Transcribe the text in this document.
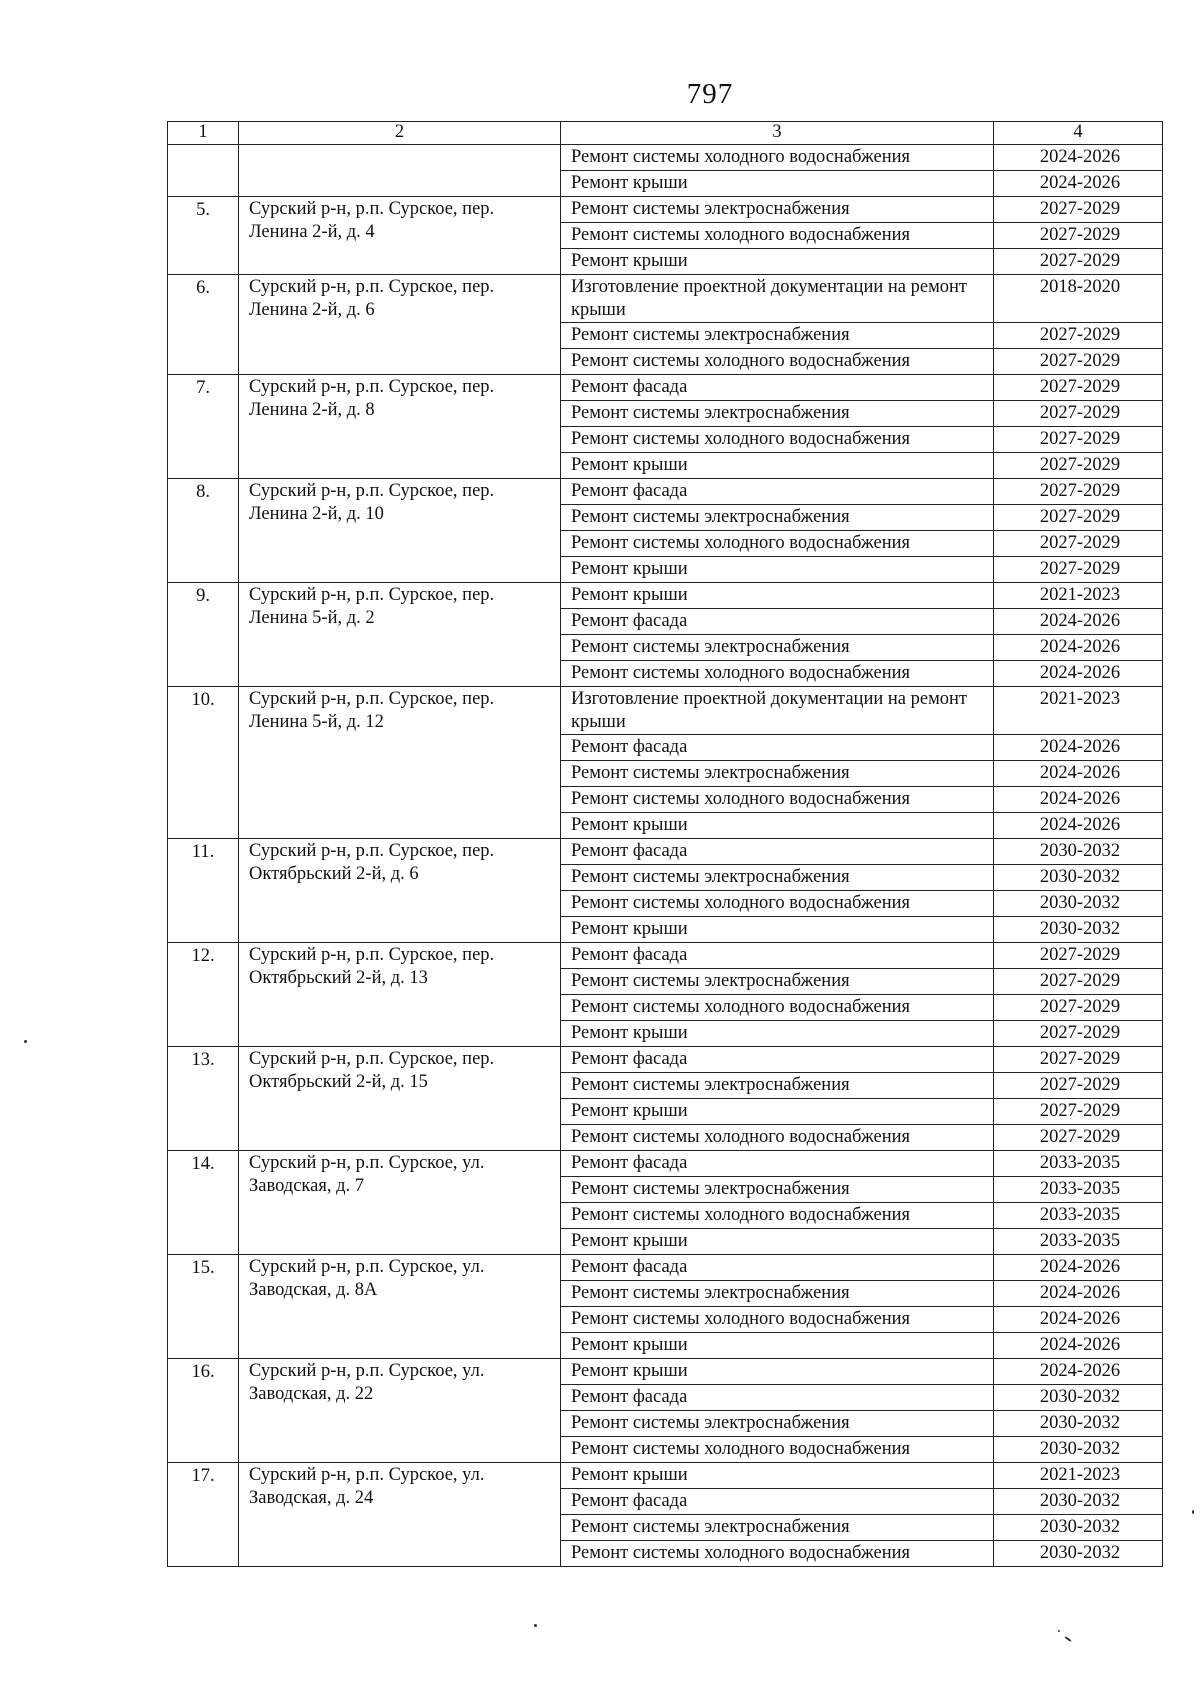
797
1	2	3	4
		Ремонт системы холодного водоснабжения	2024-2026
		Ремонт крыши	2024-2026
5.	Сурский р-н, р.п. Сурское, пер. Ленина 2-й, д. 4	Ремонт системы электроснабжения	2027-2029
		Ремонт системы холодного водоснабжения	2027-2029
		Ремонт крыши	2027-2029
6.	Сурский р-н, р.п. Сурское, пер. Ленина 2-й, д. 6	Изготовление проектной документации на ремонт крыши	2018-2020
		Ремонт системы электроснабжения	2027-2029
		Ремонт системы холодного водоснабжения	2027-2029
7.	Сурский р-н, р.п. Сурское, пер. Ленина 2-й, д. 8	Ремонт фасада	2027-2029
		Ремонт системы электроснабжения	2027-2029
		Ремонт системы холодного водоснабжения	2027-2029
		Ремонт крыши	2027-2029
8.	Сурский р-н, р.п. Сурское, пер. Ленина 2-й, д. 10	Ремонт фасада	2027-2029
		Ремонт системы электроснабжения	2027-2029
		Ремонт системы холодного водоснабжения	2027-2029
		Ремонт крыши	2027-2029
9.	Сурский р-н, р.п. Сурское, пер. Ленина 5-й, д. 2	Ремонт крыши	2021-2023
		Ремонт фасада	2024-2026
		Ремонт системы электроснабжения	2024-2026
		Ремонт системы холодного водоснабжения	2024-2026
10.	Сурский р-н, р.п. Сурское, пер. Ленина 5-й, д. 12	Изготовление проектной документации на ремонт крыши	2021-2023
		Ремонт фасада	2024-2026
		Ремонт системы электроснабжения	2024-2026
		Ремонт системы холодного водоснабжения	2024-2026
		Ремонт крыши	2024-2026
11.	Сурский р-н, р.п. Сурское, пер. Октябрьский 2-й, д. 6	Ремонт фасада	2030-2032
		Ремонт системы электроснабжения	2030-2032
		Ремонт системы холодного водоснабжения	2030-2032
		Ремонт крыши	2030-2032
12.	Сурский р-н, р.п. Сурское, пер. Октябрьский 2-й, д. 13	Ремонт фасада	2027-2029
		Ремонт системы электроснабжения	2027-2029
		Ремонт системы холодного водоснабжения	2027-2029
		Ремонт крыши	2027-2029
13.	Сурский р-н, р.п. Сурское, пер. Октябрьский 2-й, д. 15	Ремонт фасада	2027-2029
		Ремонт системы электроснабжения	2027-2029
		Ремонт крыши	2027-2029
		Ремонт системы холодного водоснабжения	2027-2029
14.	Сурский р-н, р.п. Сурское, ул. Заводская, д. 7	Ремонт фасада	2033-2035
		Ремонт системы электроснабжения	2033-2035
		Ремонт системы холодного водоснабжения	2033-2035
		Ремонт крыши	2033-2035
15.	Сурский р-н, р.п. Сурское, ул. Заводская, д. 8А	Ремонт фасада	2024-2026
		Ремонт системы электроснабжения	2024-2026
		Ремонт системы холодного водоснабжения	2024-2026
		Ремонт крыши	2024-2026
16.	Сурский р-н, р.п. Сурское, ул. Заводская, д. 22	Ремонт крыши	2024-2026
		Ремонт фасада	2030-2032
		Ремонт системы электроснабжения	2030-2032
		Ремонт системы холодного водоснабжения	2030-2032
17.	Сурский р-н, р.п. Сурское, ул. Заводская, д. 24	Ремонт крыши	2021-2023
		Ремонт фасада	2030-2032
		Ремонт системы электроснабжения	2030-2032
		Ремонт системы холодного водоснабжения	2030-2032
